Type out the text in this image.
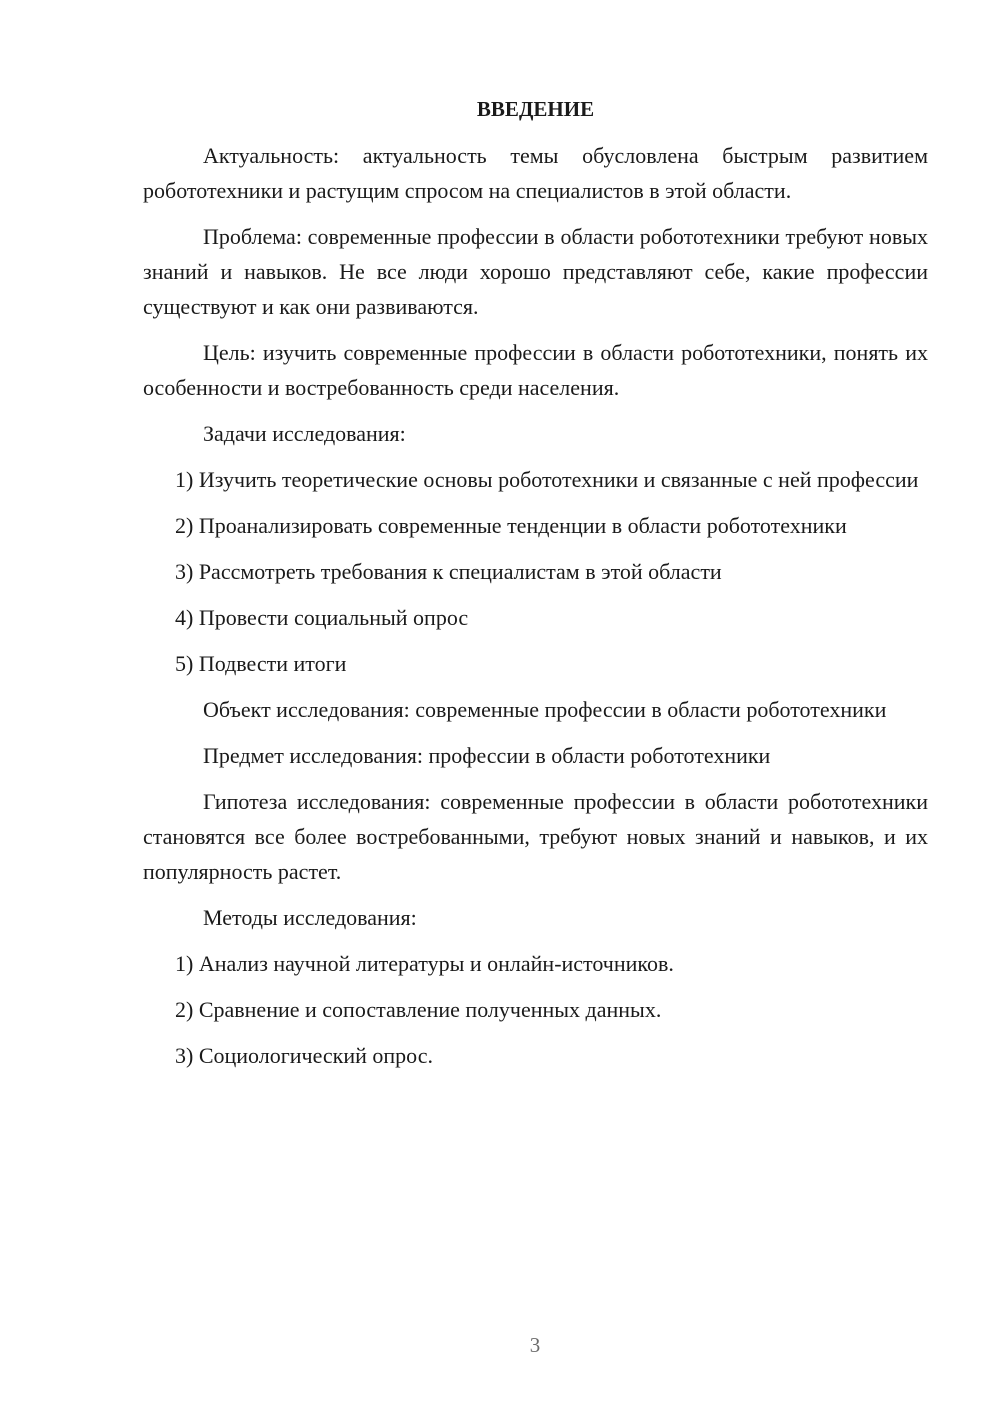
ВВЕДЕНИЕ

Актуальность: актуальность темы обусловлена быстрым развитием робототехники и растущим спросом на специалистов в этой области.

Проблема: современные профессии в области робототехники требуют новых знаний и навыков. Не все люди хорошо представляют себе, какие профессии существуют и как они развиваются.

Цель: изучить современные профессии в области робототехники, понять их особенности и востребованность среди населения.

Задачи исследования:

1) Изучить теоретические основы робототехники и связанные с ней профессии

2) Проанализировать современные тенденции в области робототехники

3) Рассмотреть требования к специалистам в этой области

4) Провести социальный опрос

5) Подвести итоги

Объект исследования: современные профессии в области робототехники

Предмет исследования: профессии в области робототехники

Гипотеза исследования: современные профессии в области робототехники становятся все более востребованными, требуют новых знаний и навыков, и их популярность растет.

Методы исследования:

1) Анализ научной литературы и онлайн-источников.

2) Сравнение и сопоставление полученных данных.

3) Социологический опрос.

3
